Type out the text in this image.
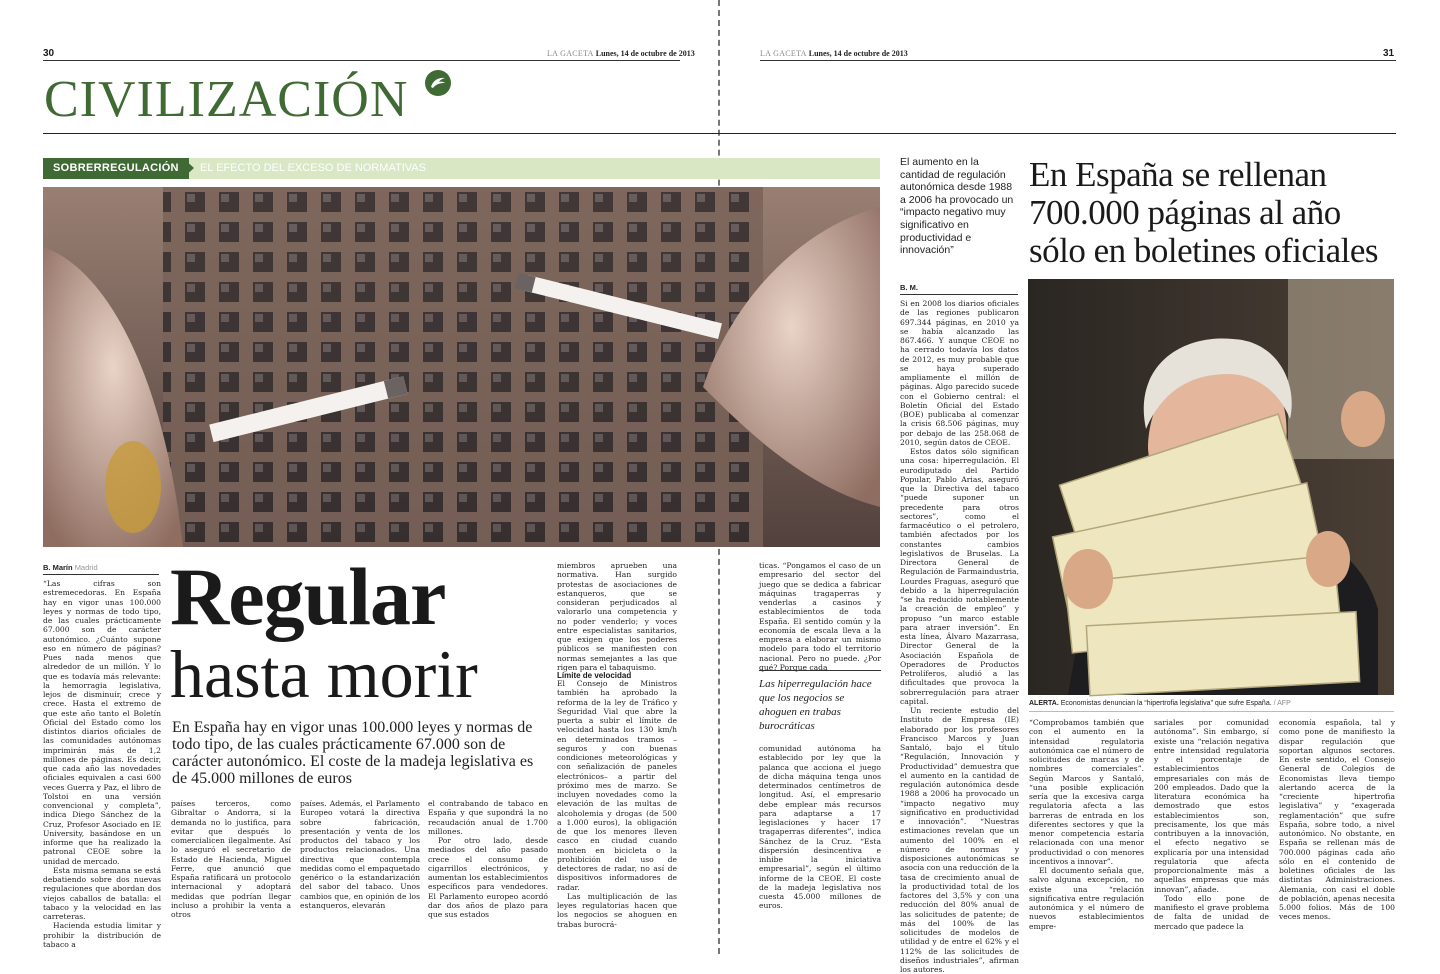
30	LA GACETA Lunes, 14 de octubre de 2013
CIVILIZACIÓN
SOBRERREGULACIÓN	EL EFECTO DEL EXCESO DE NORMATIVAS
B. Marín Madrid

“Las cifras son estremecedoras. En España hay en vigor unas 100.000 leyes y normas de todo tipo, de las cuales prácticamente 67.000 son de carácter autonómico. ¿Cuánto supone eso en número de páginas? Pues nada menos que alrededor de un millón. Y lo que es todavía más relevante: la hemorragia legislativa, lejos de disminuir, crece y crece. Hasta el extremo de que este año tanto el Boletín Oficial del Estado como los distintos diarios oficiales de las comunidades autónomas imprimirán más de 1,2 millones de páginas. Es decir, que cada año las novedades oficiales equivalen a casi 600 veces Guerra y Paz, el libro de Tolstoi en una versión convencional y completa”, indica Diego Sánchez de la Cruz, Profesor Asociado en IE University, basándose en un informe que ha realizado la patronal CEOE sobre la unidad de mercado.

Esta misma semana se está debatiendo sobre dos nuevas regulaciones que abordan dos viejos caballos de batalla: el tabaco y la velocidad en las carreteras.

Hacienda estudia limitar y prohibir la distribución de tabaco a

Regular
hasta morir
En España hay en vigor unas 100.000 leyes y normas de todo tipo, de las cuales prácticamente 67.000 son de carácter autonómico. El coste de la madeja legislativa es de 45.000 millones de euros

países terceros, como Gibraltar o Andorra, si la demanda no lo justifica, para evitar que después lo comercialicen ilegalmente. Así lo aseguró el secretario de Estado de Hacienda, Miguel Ferre, que anunció que España ratificará un protocolo internacional y adoptará medidas que podrían llegar incluso a prohibir la venta a otros

países. Además, el Parlamento Europeo votará la directiva sobre fabricación, presentación y venta de los productos del tabaco y los productos relacionados. Una directiva que contempla medidas como el empaquetado genérico o la estandarización del sabor del tabaco. Unos cambios que, en opinión de los estanqueros, elevarán

el contrabando de tabaco en España y que supondrá la no recaudación anual de 1.700 millones.

Por otro lado, desde mediados del año pasado crece el consumo de cigarrillos electrónicos, y aumentan los establecimientos específicos para vendedores. El Parlamento europeo acordó dar dos años de plazo para que sus estados

miembros aprueben una normativa. Han surgido protestas de asociaciones de estanqueros, que se consideran perjudicados al valorarlo una competencia y no poder venderlo; y voces entre especialistas sanitarios, que exigen que los poderes públicos se manifiesten con normas semejantes a las que rigen para el tabaquismo.

Límite de velocidad

El Consejo de Ministros también ha aprobado la reforma de la ley de Tráfico y Seguridad Vial que abre la puerta a subir el límite de velocidad hasta los 130 km/h en determinados tramos –seguros y con buenas condiciones meteorológicas y con señalización de paneles electrónicos– a partir del próximo mes de marzo. Se incluyen novedades como la elevación de las multas de alcoholemia y drogas (de 500 a 1.000 euros), la obligación de que los menores lleven casco en ciudad cuando monten en bicicleta o la prohibición del uso de detectores de radar, no así de dispositivos informadores de radar.

Las multiplicación de las leyes regulatorias hacen que los negocios se ahoguen en trabas burocrá-

ticas. “Pongamos el caso de un empresario del sector del juego que se dedica a fabricar máquinas tragaperras y venderlas a casinos y establecimientos de toda España. El sentido común y la economía de escala lleva a la empresa a elaborar un mismo modelo para todo el territorio nacional. Pero no puede. ¿Por qué? Porque cada

Las hiperregulación hace que los negocios se ahoguen en trabas burocráticas

comunidad autónoma ha establecido por ley que la palanca que acciona el juego de dicha máquina tenga unos determinados centímetros de longitud. Así, el empresario debe emplear más recursos para adaptarse a 17 legislaciones y hacer 17 tragaperras diferentes”, indica Sánchez de la Cruz. “Esta dispersión desincentiva e inhibe la iniciativa empresarial”, según el último informe de la CEOE. El coste de la madeja legislativa nos cuesta 45.000 millones de euros.

LA GACETA Lunes, 14 de octubre de 2013	31
El aumento en la cantidad de regulación autonómica desde 1988 a 2006 ha provocado un “impacto negativo muy significativo en productividad e innovación”
B. M.

Si en 2008 los diarios oficiales de las regiones publicaron 697.344 páginas, en 2010 ya se había alcanzado las 867.466. Y aunque CEOE no ha cerrado todavía los datos de 2012, es muy probable que se haya superado ampliamente el millón de páginas. Algo parecido sucede con el Gobierno central: el Boletín Oficial del Estado (BOE) publicaba al comenzar la crisis 68.506 páginas, muy por debajo de las 258.068 de 2010, según datos de CEOE.

Estos datos sólo significan una cosa: hiperregulación. El eurodiputado del Partido Popular, Pablo Arias, aseguró que la Directiva del tabaco “puede suponer un precedente para otros sectores”, como el farmacéutico o el petrolero, también afectados por los constantes cambios legislativos de Bruselas. La Directora General de Regulación de Farmaindustria, Lourdes Fraguas, aseguró que debido a la hiperregulación “se ha reducido notablemente la creación de empleo” y propuso “un marco estable para atraer inversión”. En esta línea, Álvaro Mazarrasa, Director General de la Asociación Española de Operadores de Productos Petrolíferos, aludió a las dificultades que provoca la sobrerregulación para atraer capital.

Un reciente estudio del Instituto de Empresa (IE) elaborado por los profesores Francisco Marcos y Juan Santaló, bajo el título “Regulación, Innovación y Productividad” demuestra que el aumento en la cantidad de regulación autonómica desde 1988 a 2006 ha provocado un “impacto negativo muy significativo en productividad e innovación”. “Nuestras estimaciones revelan que un aumento del 100% en el número de normas y disposiciones autonómicas se asocia con una reducción de la tasa de crecimiento anual de la productividad total de los factores del 3,5% y con una reducción del 80% anual de las solicitudes de patente; de más del 100% de las solicitudes de modelos de utilidad y de entre el 62% y el 112% de las solicitudes de diseños industriales”, afirman los autores.

En España se rellenan
700.000 páginas al año
sólo en boletines oficiales
ALERTA. Economistas denuncian la “hipertrofia legislativa” que sufre España. / AFP

“Comprobamos también que con el aumento en la intensidad regulatoria autonómica cae el número de solicitudes de marcas y de nombres comerciales”. Según Marcos y Santaló, “una posible explicación sería que la excesiva carga regulatoria afecta a las barreras de entrada en los diferentes sectores y que la menor competencia estaría relacionada con una menor productividad o con menores incentivos a innovar”.

El documento señala que, salvo alguna excepción, no existe una “relación significativa entre regulación autonómica y el número de nuevos establecimientos empre-

sariales por comunidad autónoma”. Sin embargo, sí existe una “relación negativa entre intensidad regulatoria y el porcentaje de establecimientos empresariales con más de 200 empleados. Dado que la literatura económica ha demostrado que estos establecimientos son, precisamente, los que más contribuyen a la innovación, el efecto negativo se explicaría por una intensidad regulatoria que afecta proporcionalmente más a aquellas empresas que más innovan”, añade.

Todo ello pone de manifiesto el grave problema de falta de unidad de mercado que padece la

economía española, tal y como pone de manifiesto la dispar regulación que soportan algunos sectores. En este sentido, el Consejo General de Colegios de Economistas lleva tiempo alertando acerca de la “creciente hipertrofia legislativa” y “exagerada reglamentación” que sufre España, sobre todo, a nivel autonómico. No obstante, en España se rellenan más de 700.000 páginas cada año sólo en el contenido de boletines oficiales de las distintas Administraciones. Alemania, con casi el doble de población, apenas necesita 5.000 folios. Más de 100 veces menos.
